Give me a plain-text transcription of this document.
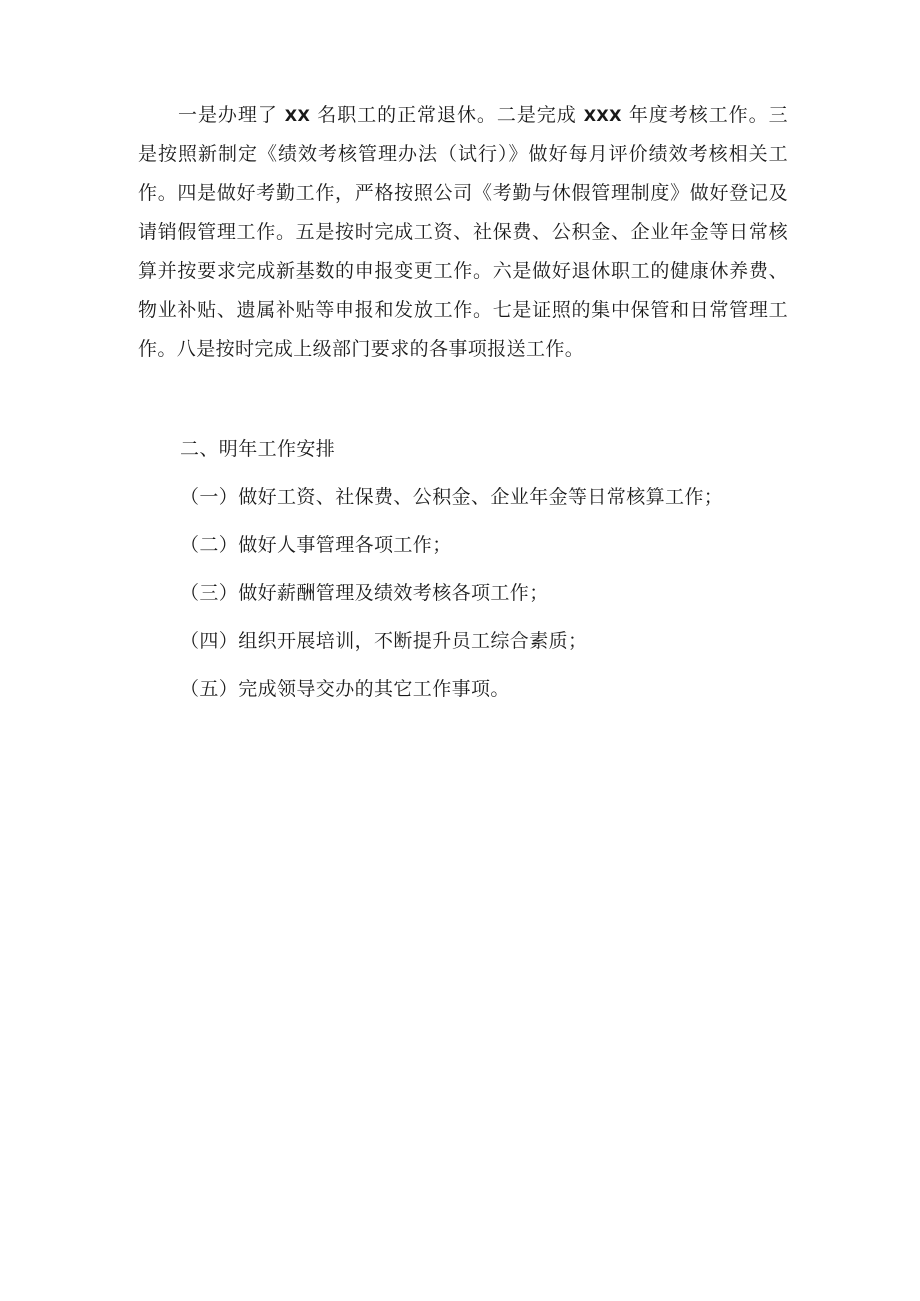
一是办理了 XX 名职工的正常退休。二是完成 XXX 年度考核工作。三是按照新制定《绩效考核管理办法（试行）》做好每月评价绩效考核相关工作。四是做好考勤工作，严格按照公司《考勤与休假管理制度》做好登记及请销假管理工作。五是按时完成工资、社保费、公积金、企业年金等日常核算并按要求完成新基数的申报变更工作。六是做好退休职工的健康休养费、物业补贴、遗属补贴等申报和发放工作。七是证照的集中保管和日常管理工作。八是按时完成上级部门要求的各事项报送工作。

二、明年工作安排
（一）做好工资、社保费、公积金、企业年金等日常核算工作；
（二）做好人事管理各项工作；
（三）做好薪酬管理及绩效考核各项工作；
（四）组织开展培训，不断提升员工综合素质；
（五）完成领导交办的其它工作事项。
